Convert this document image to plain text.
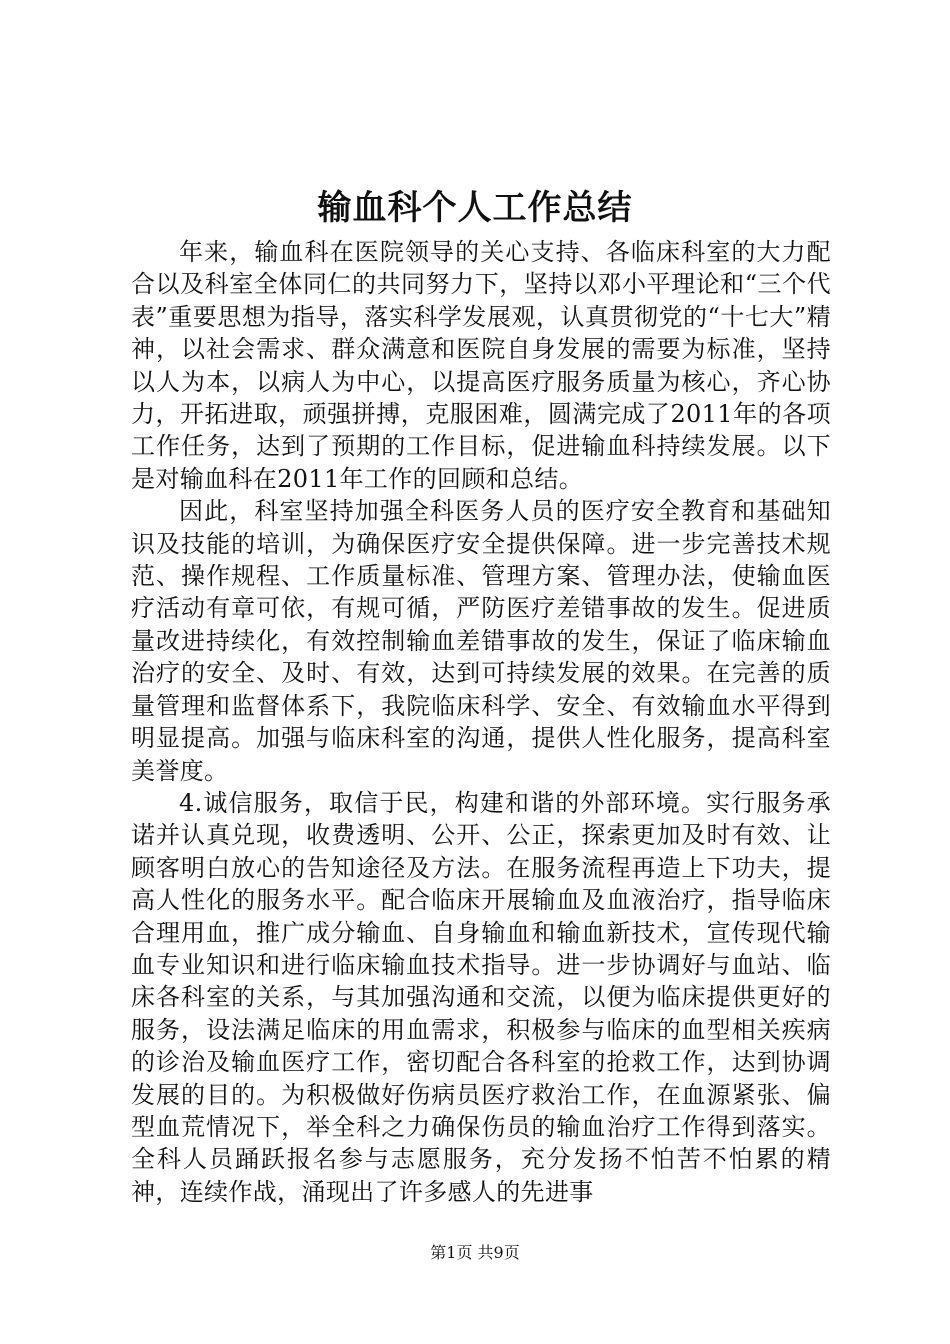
输血科个人工作总结

年来，输血科在医院领导的关心支持、各临床科室的大力配合以及科室全体同仁的共同努力下，坚持以邓小平理论和“三个代表”重要思想为指导，落实科学发展观，认真贯彻党的“十七大”精神，以社会需求、群众满意和医院自身发展的需要为标准，坚持以人为本，以病人为中心，以提高医疗服务质量为核心，齐心协力，开拓进取，顽强拼搏，克服困难，圆满完成了2011年的各项工作任务，达到了预期的工作目标，促进输血科持续发展。以下是对输血科在2011年工作的回顾和总结。

因此，科室坚持加强全科医务人员的医疗安全教育和基础知识及技能的培训，为确保医疗安全提供保障。进一步完善技术规范、操作规程、工作质量标准、管理方案、管理办法，使输血医疗活动有章可依，有规可循，严防医疗差错事故的发生。促进质量改进持续化，有效控制输血差错事故的发生，保证了临床输血治疗的安全、及时、有效，达到可持续发展的效果。在完善的质量管理和监督体系下，我院临床科学、安全、有效输血水平得到明显提高。加强与临床科室的沟通，提供人性化服务，提高科室美誉度。

4.诚信服务，取信于民，构建和谐的外部环境。实行服务承诺并认真兑现，收费透明、公开、公正，探索更加及时有效、让顾客明白放心的告知途径及方法。在服务流程再造上下功夫，提高人性化的服务水平。配合临床开展输血及血液治疗，指导临床合理用血，推广成分输血、自身输血和输血新技术，宣传现代输血专业知识和进行临床输血技术指导。进一步协调好与血站、临床各科室的关系，与其加强沟通和交流，以便为临床提供更好的服务，设法满足临床的用血需求，积极参与临床的血型相关疾病的诊治及输血医疗工作，密切配合各科室的抢救工作，达到协调发展的目的。为积极做好伤病员医疗救治工作，在血源紧张、偏型血荒情况下，举全科之力确保伤员的输血治疗工作得到落实。全科人员踊跃报名参与志愿服务，充分发扬不怕苦不怕累的精神，连续作战，涌现出了许多感人的先进事

第1页 共9页
